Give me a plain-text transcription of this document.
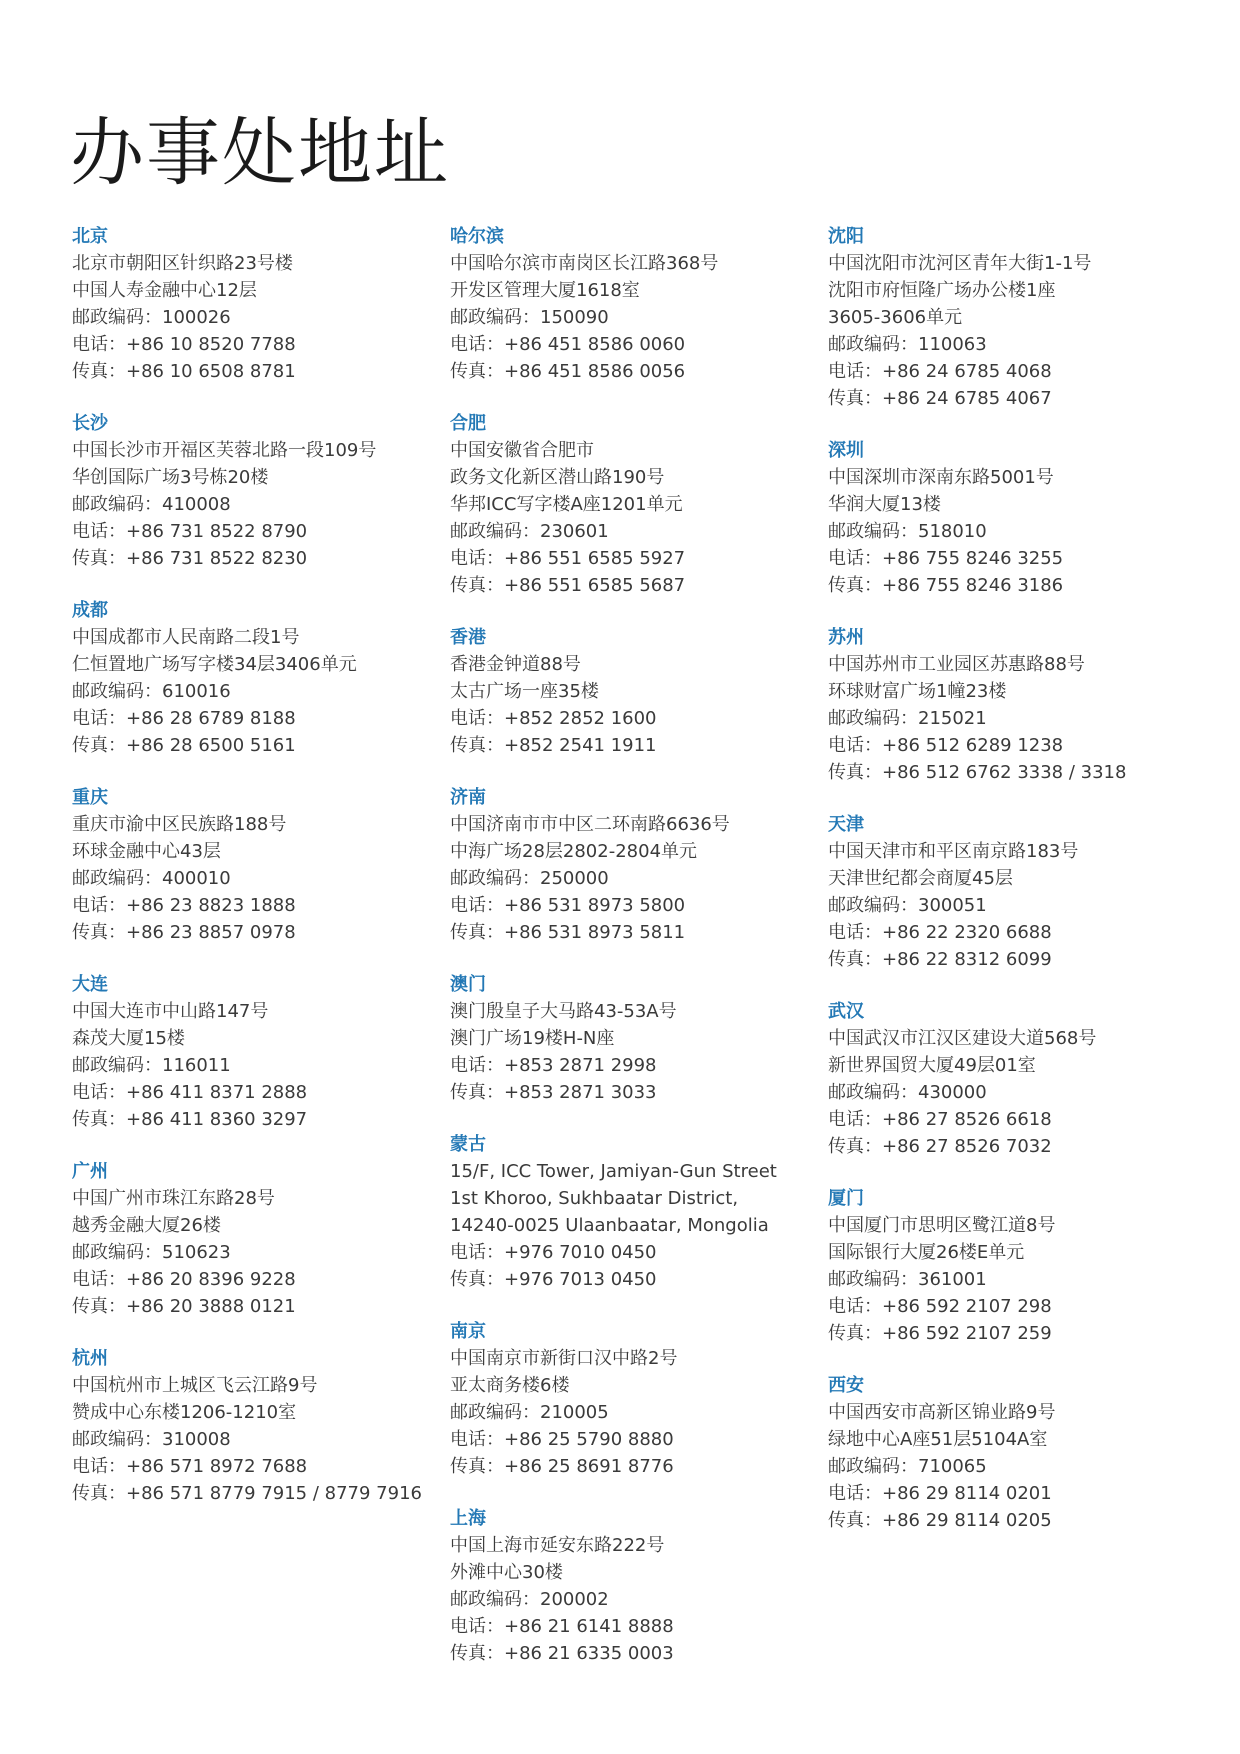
办事处地址
北京
北京市朝阳区针织路23号楼
中国人寿金融中心12层
邮政编码：100026
电话：+86 10 8520 7788
传真：+86 10 6508 8781
长沙
中国长沙市开福区芙蓉北路一段109号
华创国际广场3号栋20楼
邮政编码：410008
电话：+86 731 8522 8790
传真：+86 731 8522 8230
成都
中国成都市人民南路二段1号
仁恒置地广场写字楼34层3406单元
邮政编码：610016
电话：+86 28 6789 8188
传真：+86 28 6500 5161
重庆
重庆市渝中区民族路188号
环球金融中心43层
邮政编码：400010
电话：+86 23 8823 1888
传真：+86 23 8857 0978
大连
中国大连市中山路147号
森茂大厦15楼
邮政编码：116011
电话：+86 411 8371 2888
传真：+86 411 8360 3297
广州
中国广州市珠江东路28号
越秀金融大厦26楼
邮政编码：510623
电话：+86 20 8396 9228
传真：+86 20 3888 0121
杭州
中国杭州市上城区飞云江路9号
赞成中心东楼1206-1210室
邮政编码：310008
电话：+86 571 8972 7688
传真：+86 571 8779 7915 / 8779 7916
哈尔滨
中国哈尔滨市南岗区长江路368号
开发区管理大厦1618室
邮政编码：150090
电话：+86 451 8586 0060
传真：+86 451 8586 0056
合肥
中国安徽省合肥市
政务文化新区潜山路190号
华邦ICC写字楼A座1201单元
邮政编码：230601
电话：+86 551 6585 5927
传真：+86 551 6585 5687
香港
香港金钟道88号
太古广场一座35楼
电话：+852 2852 1600
传真：+852 2541 1911
济南
中国济南市市中区二环南路6636号
中海广场28层2802-2804单元
邮政编码：250000
电话：+86 531 8973 5800
传真：+86 531 8973 5811
澳门
澳门殷皇子大马路43-53A号
澳门广场19楼H-N座
电话：+853 2871 2998
传真：+853 2871 3033
蒙古
15/F, ICC Tower, Jamiyan-Gun Street
1st Khoroo, Sukhbaatar District,
14240-0025 Ulaanbaatar, Mongolia
电话：+976 7010 0450
传真：+976 7013 0450
南京
中国南京市新街口汉中路2号
亚太商务楼6楼
邮政编码：210005
电话：+86 25 5790 8880
传真：+86 25 8691 8776
上海
中国上海市延安东路222号
外滩中心30楼
邮政编码：200002
电话：+86 21 6141 8888
传真：+86 21 6335 0003
沈阳
中国沈阳市沈河区青年大街1-1号
沈阳市府恒隆广场办公楼1座
3605-3606单元
邮政编码：110063
电话：+86 24 6785 4068
传真：+86 24 6785 4067
深圳
中国深圳市深南东路5001号
华润大厦13楼
邮政编码：518010
电话：+86 755 8246 3255
传真：+86 755 8246 3186
苏州
中国苏州市工业园区苏惠路88号
环球财富广场1幢23楼
邮政编码：215021
电话：+86 512 6289 1238
传真：+86 512 6762 3338 / 3318
天津
中国天津市和平区南京路183号
天津世纪都会商厦45层
邮政编码：300051
电话：+86 22 2320 6688
传真：+86 22 8312 6099
武汉
中国武汉市江汉区建设大道568号
新世界国贸大厦49层01室
邮政编码：430000
电话：+86 27 8526 6618
传真：+86 27 8526 7032
厦门
中国厦门市思明区鹭江道8号
国际银行大厦26楼E单元
邮政编码：361001
电话：+86 592 2107 298
传真：+86 592 2107 259
西安
中国西安市高新区锦业路9号
绿地中心A座51层5104A室
邮政编码：710065
电话：+86 29 8114 0201
传真：+86 29 8114 0205
